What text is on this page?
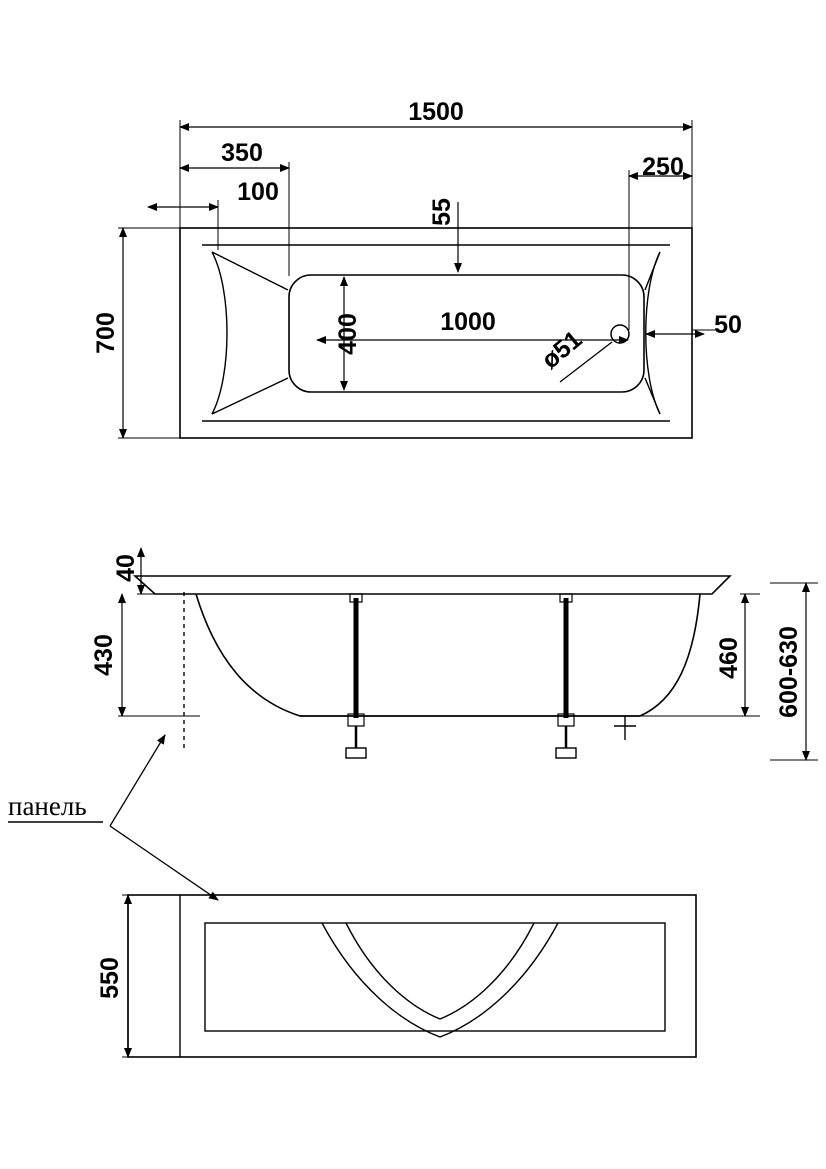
1500
350
100
250
55
700	400	1000	50
ø51
40
430	460 600-630
550
панель
